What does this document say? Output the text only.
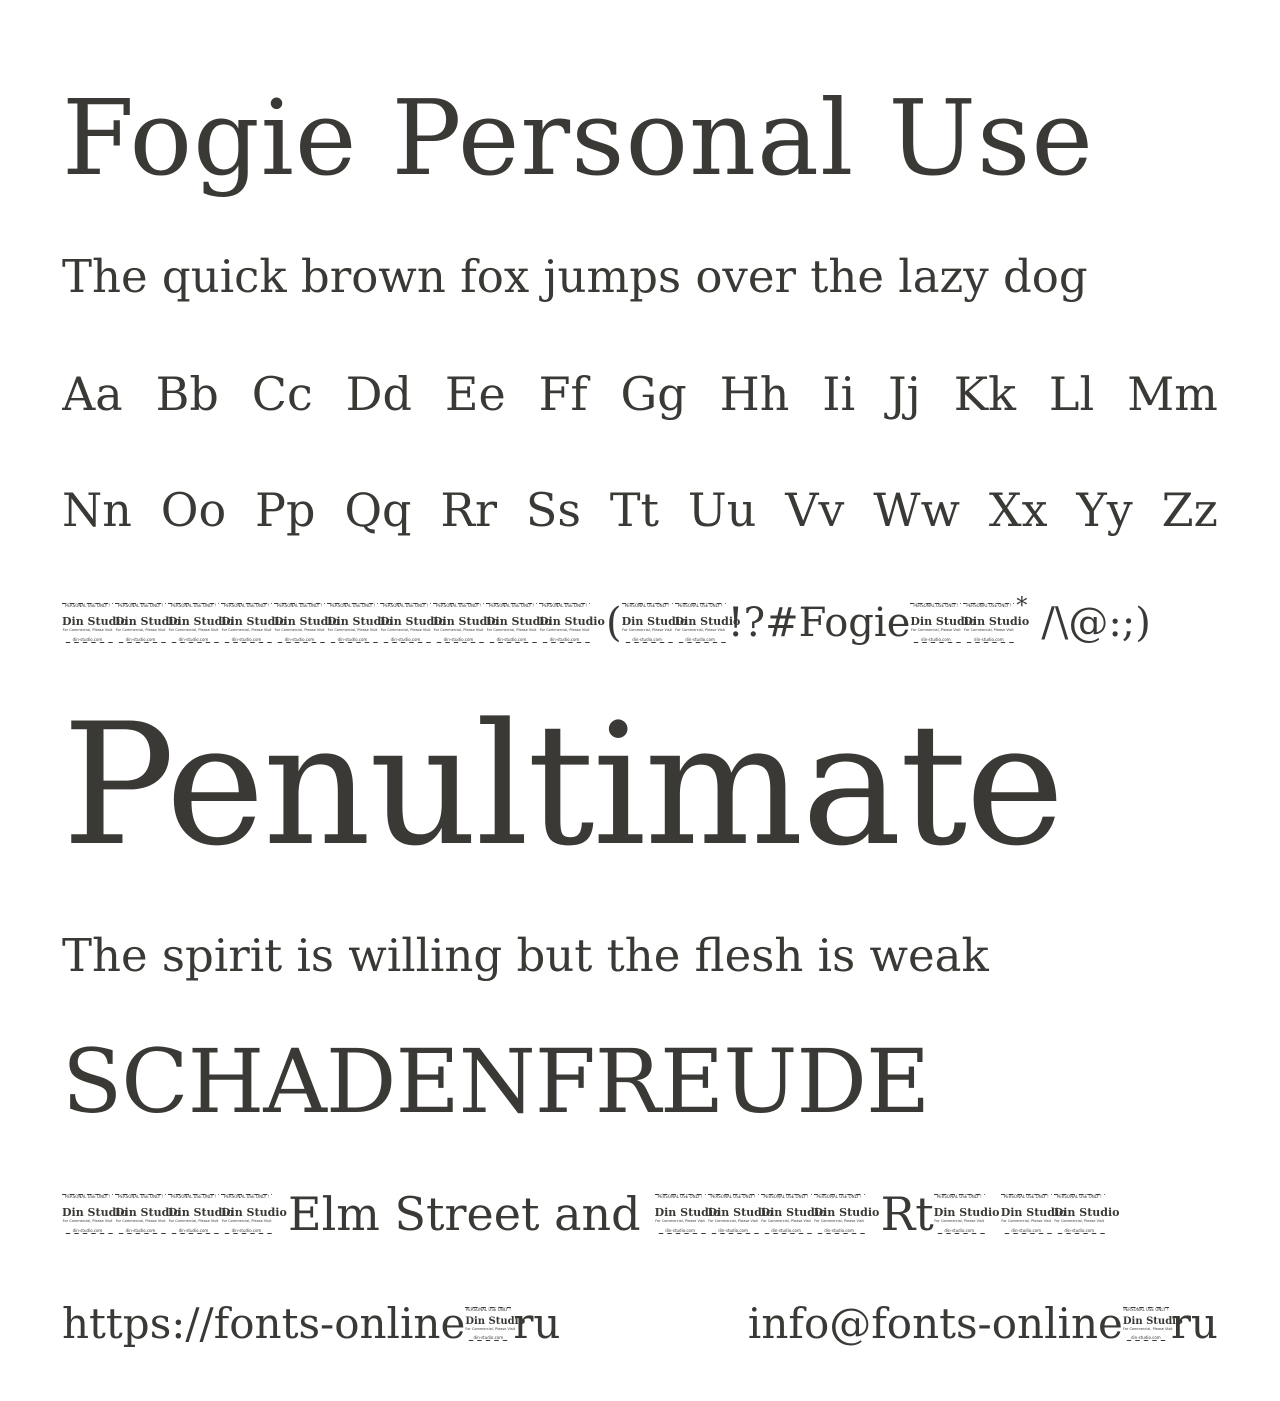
Fogie Personal Use
The quick brown fox jumps over the lazy dog
Aa Bb Cc Dd Ee Ff Gg Hh Ii Jj Kk Ll Mm
Nn Oo Pp Qq Rr Ss Tt Uu Vv Ww Xx Yy Zz
PERSONAL USE ONLY !
Din Studio
For Commercial, Please Visit
din-studio.com
PERSONAL USE ONLY !
Din Studio
For Commercial, Please Visit
din-studio.com
PERSONAL USE ONLY !
Din Studio
For Commercial, Please Visit
din-studio.com
PERSONAL USE ONLY !
Din Studio
For Commercial, Please Visit
din-studio.com
PERSONAL USE ONLY !
Din Studio
For Commercial, Please Visit
din-studio.com
PERSONAL USE ONLY !
Din Studio
For Commercial, Please Visit
din-studio.com
PERSONAL USE ONLY !
Din Studio
For Commercial, Please Visit
din-studio.com
PERSONAL USE ONLY !
Din Studio
For Commercial, Please Visit
din-studio.com
PERSONAL USE ONLY !
Din Studio
For Commercial, Please Visit
din-studio.com
PERSONAL USE ONLY !
Din Studio
For Commercial, Please Visit
din-studio.com ( PERSONAL USE ONLY !
Din Studio
For Commercial, Please Visit
din-studio.com
PERSONAL USE ONLY !
Din Studio
For Commercial, Please Visit
din-studio.com !?#Fogie PERSONAL USE ONLY !
Din Studio
For Commercial, Please Visit
din-studio.com
PERSONAL USE ONLY !
Din Studio
For Commercial, Please Visit
din-studio.com
* /\@:;)
Penultimate
The spirit is willing but the flesh is weak
SCHADENFREUDE
PERSONAL USE ONLY !
Din Studio
For Commercial, Please Visit
din-studio.com
PERSONAL USE ONLY !
Din Studio
For Commercial, Please Visit
din-studio.com
PERSONAL USE ONLY !
Din Studio
For Commercial, Please Visit
din-studio.com
PERSONAL USE ONLY !
Din Studio
For Commercial, Please Visit
din-studio.com Elm Street and	PERSONAL USE ONLY !
Din Studio
For Commercial, Please Visit
din-studio.com
PERSONAL USE ONLY !
Din Studio
For Commercial, Please Visit
din-studio.com
PERSONAL USE ONLY !
Din Studio
For Commercial, Please Visit
din-studio.com
PERSONAL USE ONLY !
Din Studio
For Commercial, Please Visit
din-studio.com Rt PERSONAL USE ONLY !
Din Studio
For Commercial, Please Visit
din-studio.com
PERSONAL USE ONLY !
Din Studio
For Commercial, Please Visit
din-studio.com
PERSONAL USE ONLY !
Din Studio
For Commercial, Please Visit
din-studio.com
https://fonts-online PERSONAL USE ONLY !
Din Studio
For Commercial, Please Visit
din-studio.com ru	info@fonts-online PERSONAL USE ONLY !
Din Studio
For Commercial, Please Visit
din-studio.com ru
